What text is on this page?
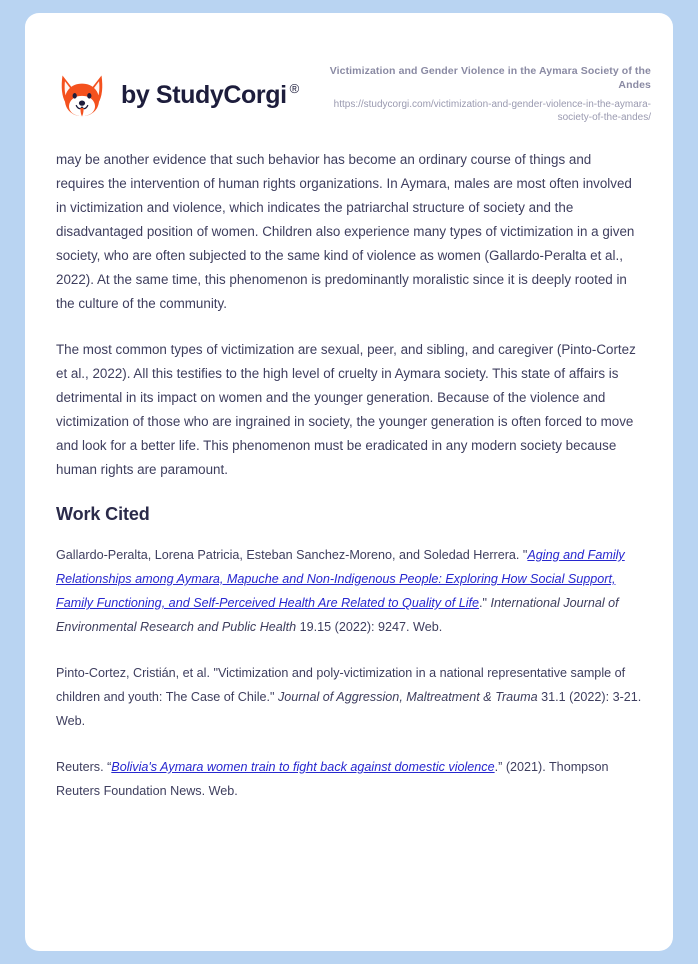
by StudyCorgi ®
Victimization and Gender Violence in the Aymara Society of the Andes
https://studycorgi.com/victimization-and-gender-violence-in-the-aymara-society-of-the-andes/

may be another evidence that such behavior has become an ordinary course of things and requires the intervention of human rights organizations. In Aymara, males are most often involved in victimization and violence, which indicates the patriarchal structure of society and the disadvantaged position of women. Children also experience many types of victimization in a given society, who are often subjected to the same kind of violence as women (Gallardo-Peralta et al., 2022). At the same time, this phenomenon is predominantly moralistic since it is deeply rooted in the culture of the community.

The most common types of victimization are sexual, peer, and sibling, and caregiver (Pinto-Cortez et al., 2022). All this testifies to the high level of cruelty in Aymara society. This state of affairs is detrimental in its impact on women and the younger generation. Because of the violence and victimization of those who are ingrained in society, the younger generation is often forced to move and look for a better life. This phenomenon must be eradicated in any modern society because human rights are paramount.

Work Cited

Gallardo-Peralta, Lorena Patricia, Esteban Sanchez-Moreno, and Soledad Herrera. "Aging and Family Relationships among Aymara, Mapuche and Non-Indigenous People: Exploring How Social Support, Family Functioning, and Self-Perceived Health Are Related to Quality of Life." International Journal of Environmental Research and Public Health 19.15 (2022): 9247. Web.

Pinto-Cortez, Cristián, et al. "Victimization and poly-victimization in a national representative sample of children and youth: The Case of Chile." Journal of Aggression, Maltreatment & Trauma 31.1 (2022): 3-21. Web.

Reuters. “Bolivia's Aymara women train to fight back against domestic violence.” (2021). Thompson Reuters Foundation News. Web.
